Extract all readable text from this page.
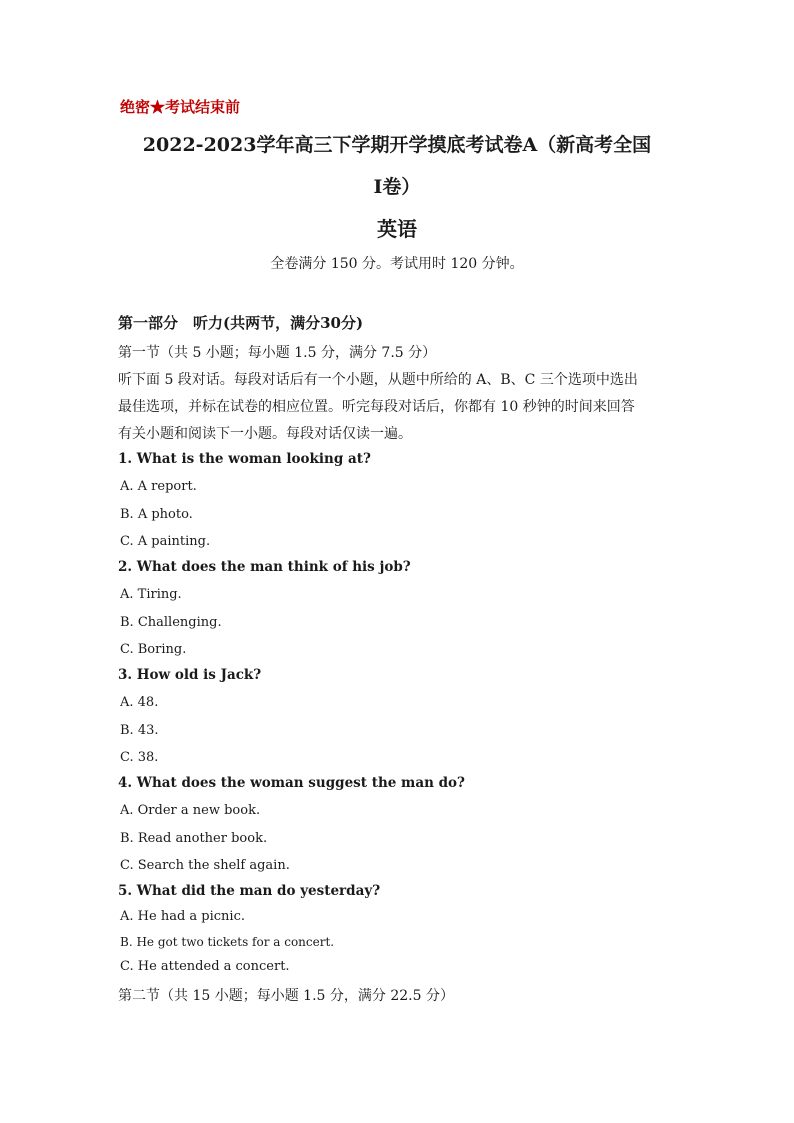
绝密★考试结束前
2022-2023学年高三下学期开学摸底考试卷A（新高考全国
I卷）
英语
全卷满分 150 分。考试用时 120 分钟。
第一部分　听力(共两节，满分30分)
第一节（共 5 小题；每小题 1.5 分，满分 7.5 分）
听下面 5 段对话。每段对话后有一个小题，从题中所给的 A、B、C 三个选项中选出
最佳选项，并标在试卷的相应位置。听完每段对话后，你都有 10 秒钟的时间来回答
有关小题和阅读下一小题。每段对话仅读一遍。
1. What is the woman looking at?
A. A report.
B. A photo.
C. A painting.
2. What does the man think of his job?
A. Tiring.
B. Challenging.
C. Boring.
3. How old is Jack?
A. 48.
B. 43.
C. 38.
4. What does the woman suggest the man do?
A. Order a new book.
B. Read another book.
C. Search the shelf again.
5. What did the man do yesterday?
A. He had a picnic.
B. He got two tickets for a concert.
C. He attended a concert.
第二节（共 15 小题；每小题 1.5 分，满分 22.5 分）
